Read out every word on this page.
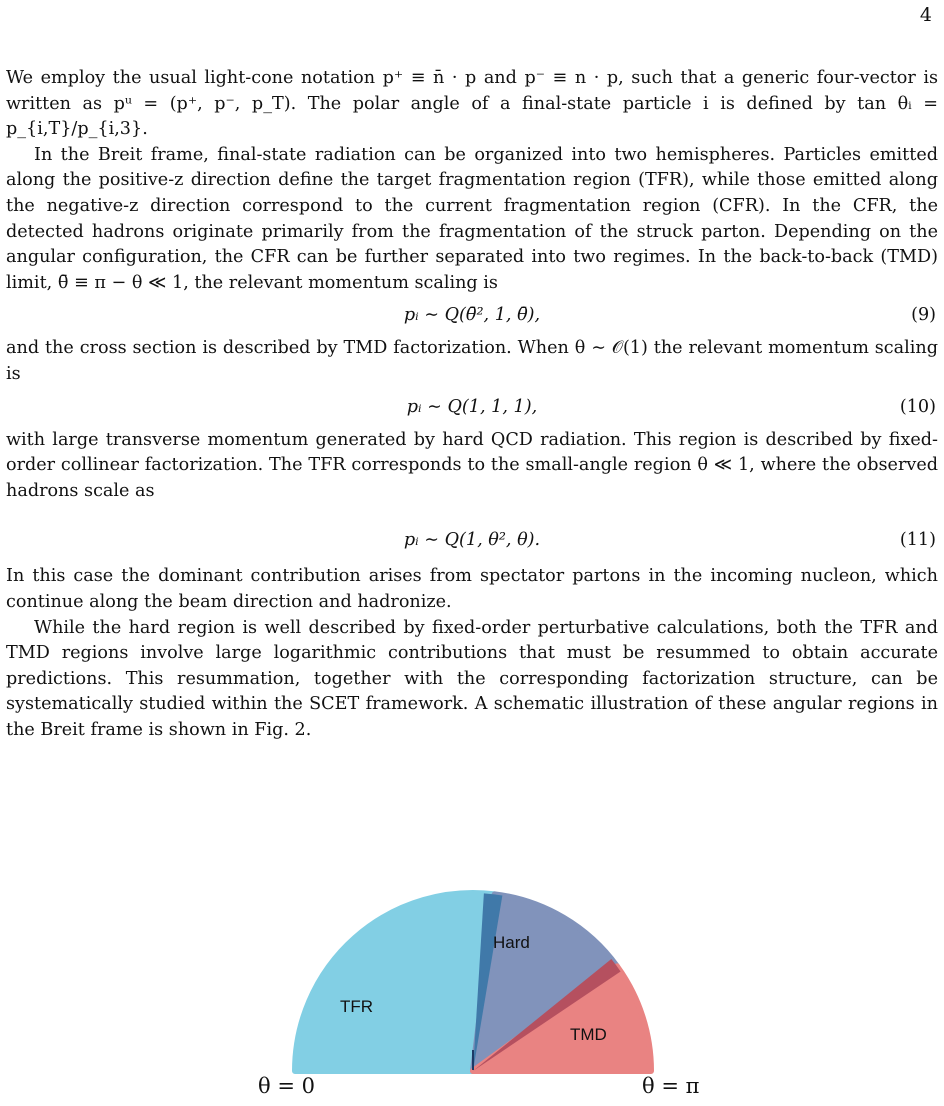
4

We employ the usual light-cone notation p⁺ ≡ n̄ · p and p⁻ ≡ n · p, such that a generic four-vector is written as pᵘ = (p⁺, p⁻, p_T). The polar angle of a final-state particle i is defined by tan θᵢ = p_{i,T}/p_{i,3}.

In the Breit frame, final-state radiation can be organized into two hemispheres. Particles emitted along the positive-z direction define the target fragmentation region (TFR), while those emitted along the negative-z direction correspond to the current fragmentation region (CFR). In the CFR, the detected hadrons originate primarily from the fragmentation of the struck parton. Depending on the angular configuration, the CFR can be further separated into two regimes. In the back-to-back (TMD) limit, θ̄ ≡ π − θ ≪ 1, the relevant momentum scaling is

pᵢ ∼ Q(θ̄², 1, θ̄),	(9)

and the cross section is described by TMD factorization. When θ ∼ 𝒪(1) the relevant momentum scaling is

pᵢ ∼ Q(1, 1, 1),	(10)

with large transverse momentum generated by hard QCD radiation. This region is described by fixed-order collinear factorization. The TFR corresponds to the small-angle region θ ≪ 1, where the observed hadrons scale as

pᵢ ∼ Q(1, θ², θ).	(11)

In this case the dominant contribution arises from spectator partons in the incoming nucleon, which continue along the beam direction and hadronize.

While the hard region is well described by fixed-order perturbative calculations, both the TFR and TMD regions involve large logarithmic contributions that must be resummed to obtain accurate predictions. This resummation, together with the corresponding factorization structure, can be systematically studied within the SCET framework. A schematic illustration of these angular regions in the Breit frame is shown in Fig. 2.

TFR
Hard
TMD
θ = 0	θ = π
